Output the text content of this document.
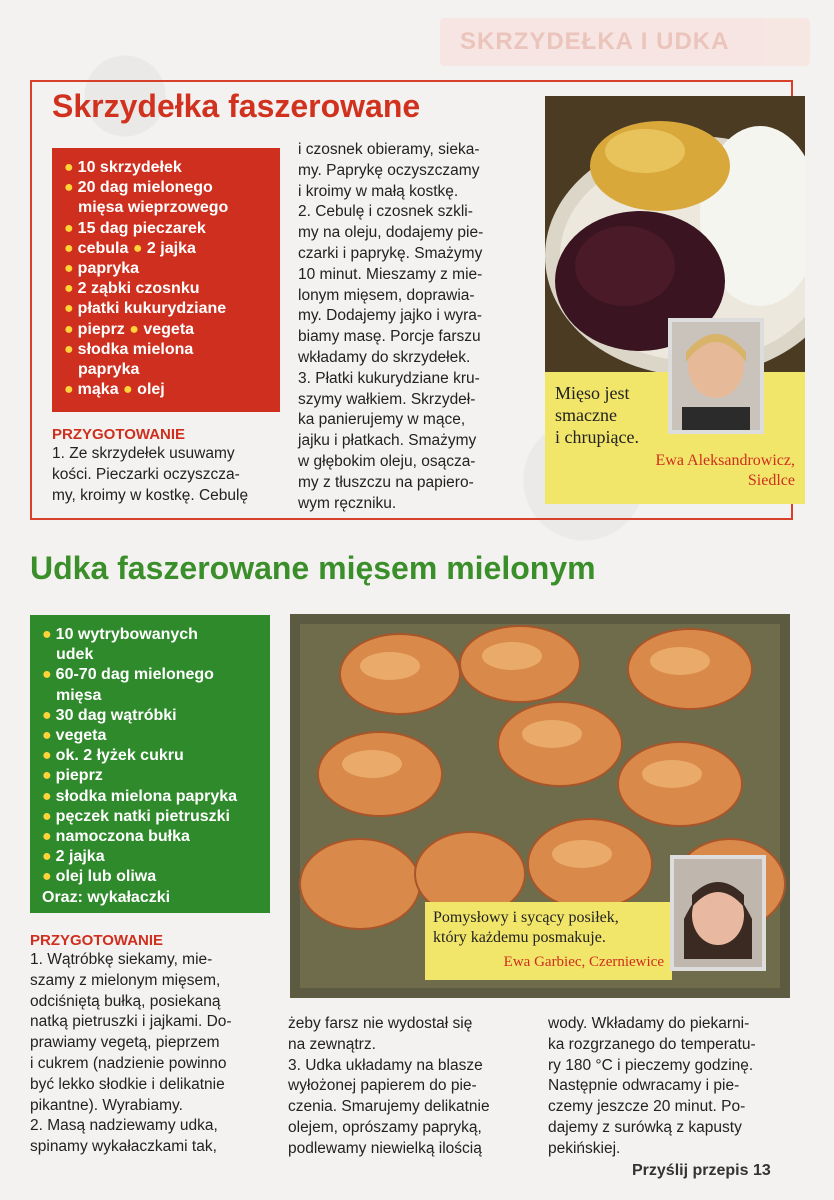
SKRZYDEŁKA I UDKA
Skrzydełka faszerowane
● 10 skrzydełek
● 20 dag mielonego
mięsa wieprzowego
● 15 dag pieczarek
● cebula ● 2 jajka
● papryka
● 2 ząbki czosnku
● płatki kukurydziane
● pieprz ● vegeta
● słodka mielona
papryka
● mąka ● olej
PRZYGOTOWANIE
1. Ze skrzydełek usuwamy
kości. Pieczarki oczyszcza-
my, kroimy w kostkę. Cebulę
i czosnek obieramy, sieka-
my. Paprykę oczyszczamy
i kroimy w małą kostkę.
2. Cebulę i czosnek szkli-
my na oleju, dodajemy pie-
czarki i paprykę. Smażymy
10 minut. Mieszamy z mie-
lonym mięsem, doprawia-
my. Dodajemy jajko i wyra-
biamy masę. Porcje farszu
wkładamy do skrzydełek.
3. Płatki kukurydziane kru-
szymy wałkiem. Skrzydeł-
ka panierujemy w mące,
jajku i płatkach. Smażymy
w głębokim oleju, osącza-
my z tłuszczu na papiero-
wym ręczniku.
Mięso jest
smaczne
i chrupiące.
Ewa Aleksandrowicz,
Siedlce
Udka faszerowane mięsem mielonym
● 10 wytrybowanych
udek
● 60-70 dag mielonego
mięsa
● 30 dag wątróbki
● vegeta
● ok. 2 łyżek cukru
● pieprz
● słodka mielona papryka
● pęczek natki pietruszki
● namoczona bułka
● 2 jajka
● olej lub oliwa
Oraz: wykałaczki
PRZYGOTOWANIE
1. Wątróbkę siekamy, mie-
szamy z mielonym mięsem,
odciśniętą bułką, posiekaną
natką pietruszki i jajkami. Do-
prawiamy vegetą, pieprzem
i cukrem (nadzienie powinno
być lekko słodkie i delikatnie
pikantne). Wyrabiamy.
2. Masą nadziewamy udka,
spinamy wykałaczkami tak,
żeby farsz nie wydostał się
na zewnątrz.
3. Udka układamy na blasze
wyłożonej papierem do pie-
czenia. Smarujemy delikatnie
olejem, oprószamy papryką,
podlewamy niewielką ilością
wody. Wkładamy do piekarni-
ka rozgrzanego do temperatu-
ry 180 °C i pieczemy godzinę.
Następnie odwracamy i pie-
czemy jeszcze 20 minut. Po-
dajemy z surówką z kapusty
pekińskiej.
Pomysłowy i sycący posiłek,
który każdemu posmakuje.
Ewa Garbiec, Czerniewice
Przyślij przepis 13
